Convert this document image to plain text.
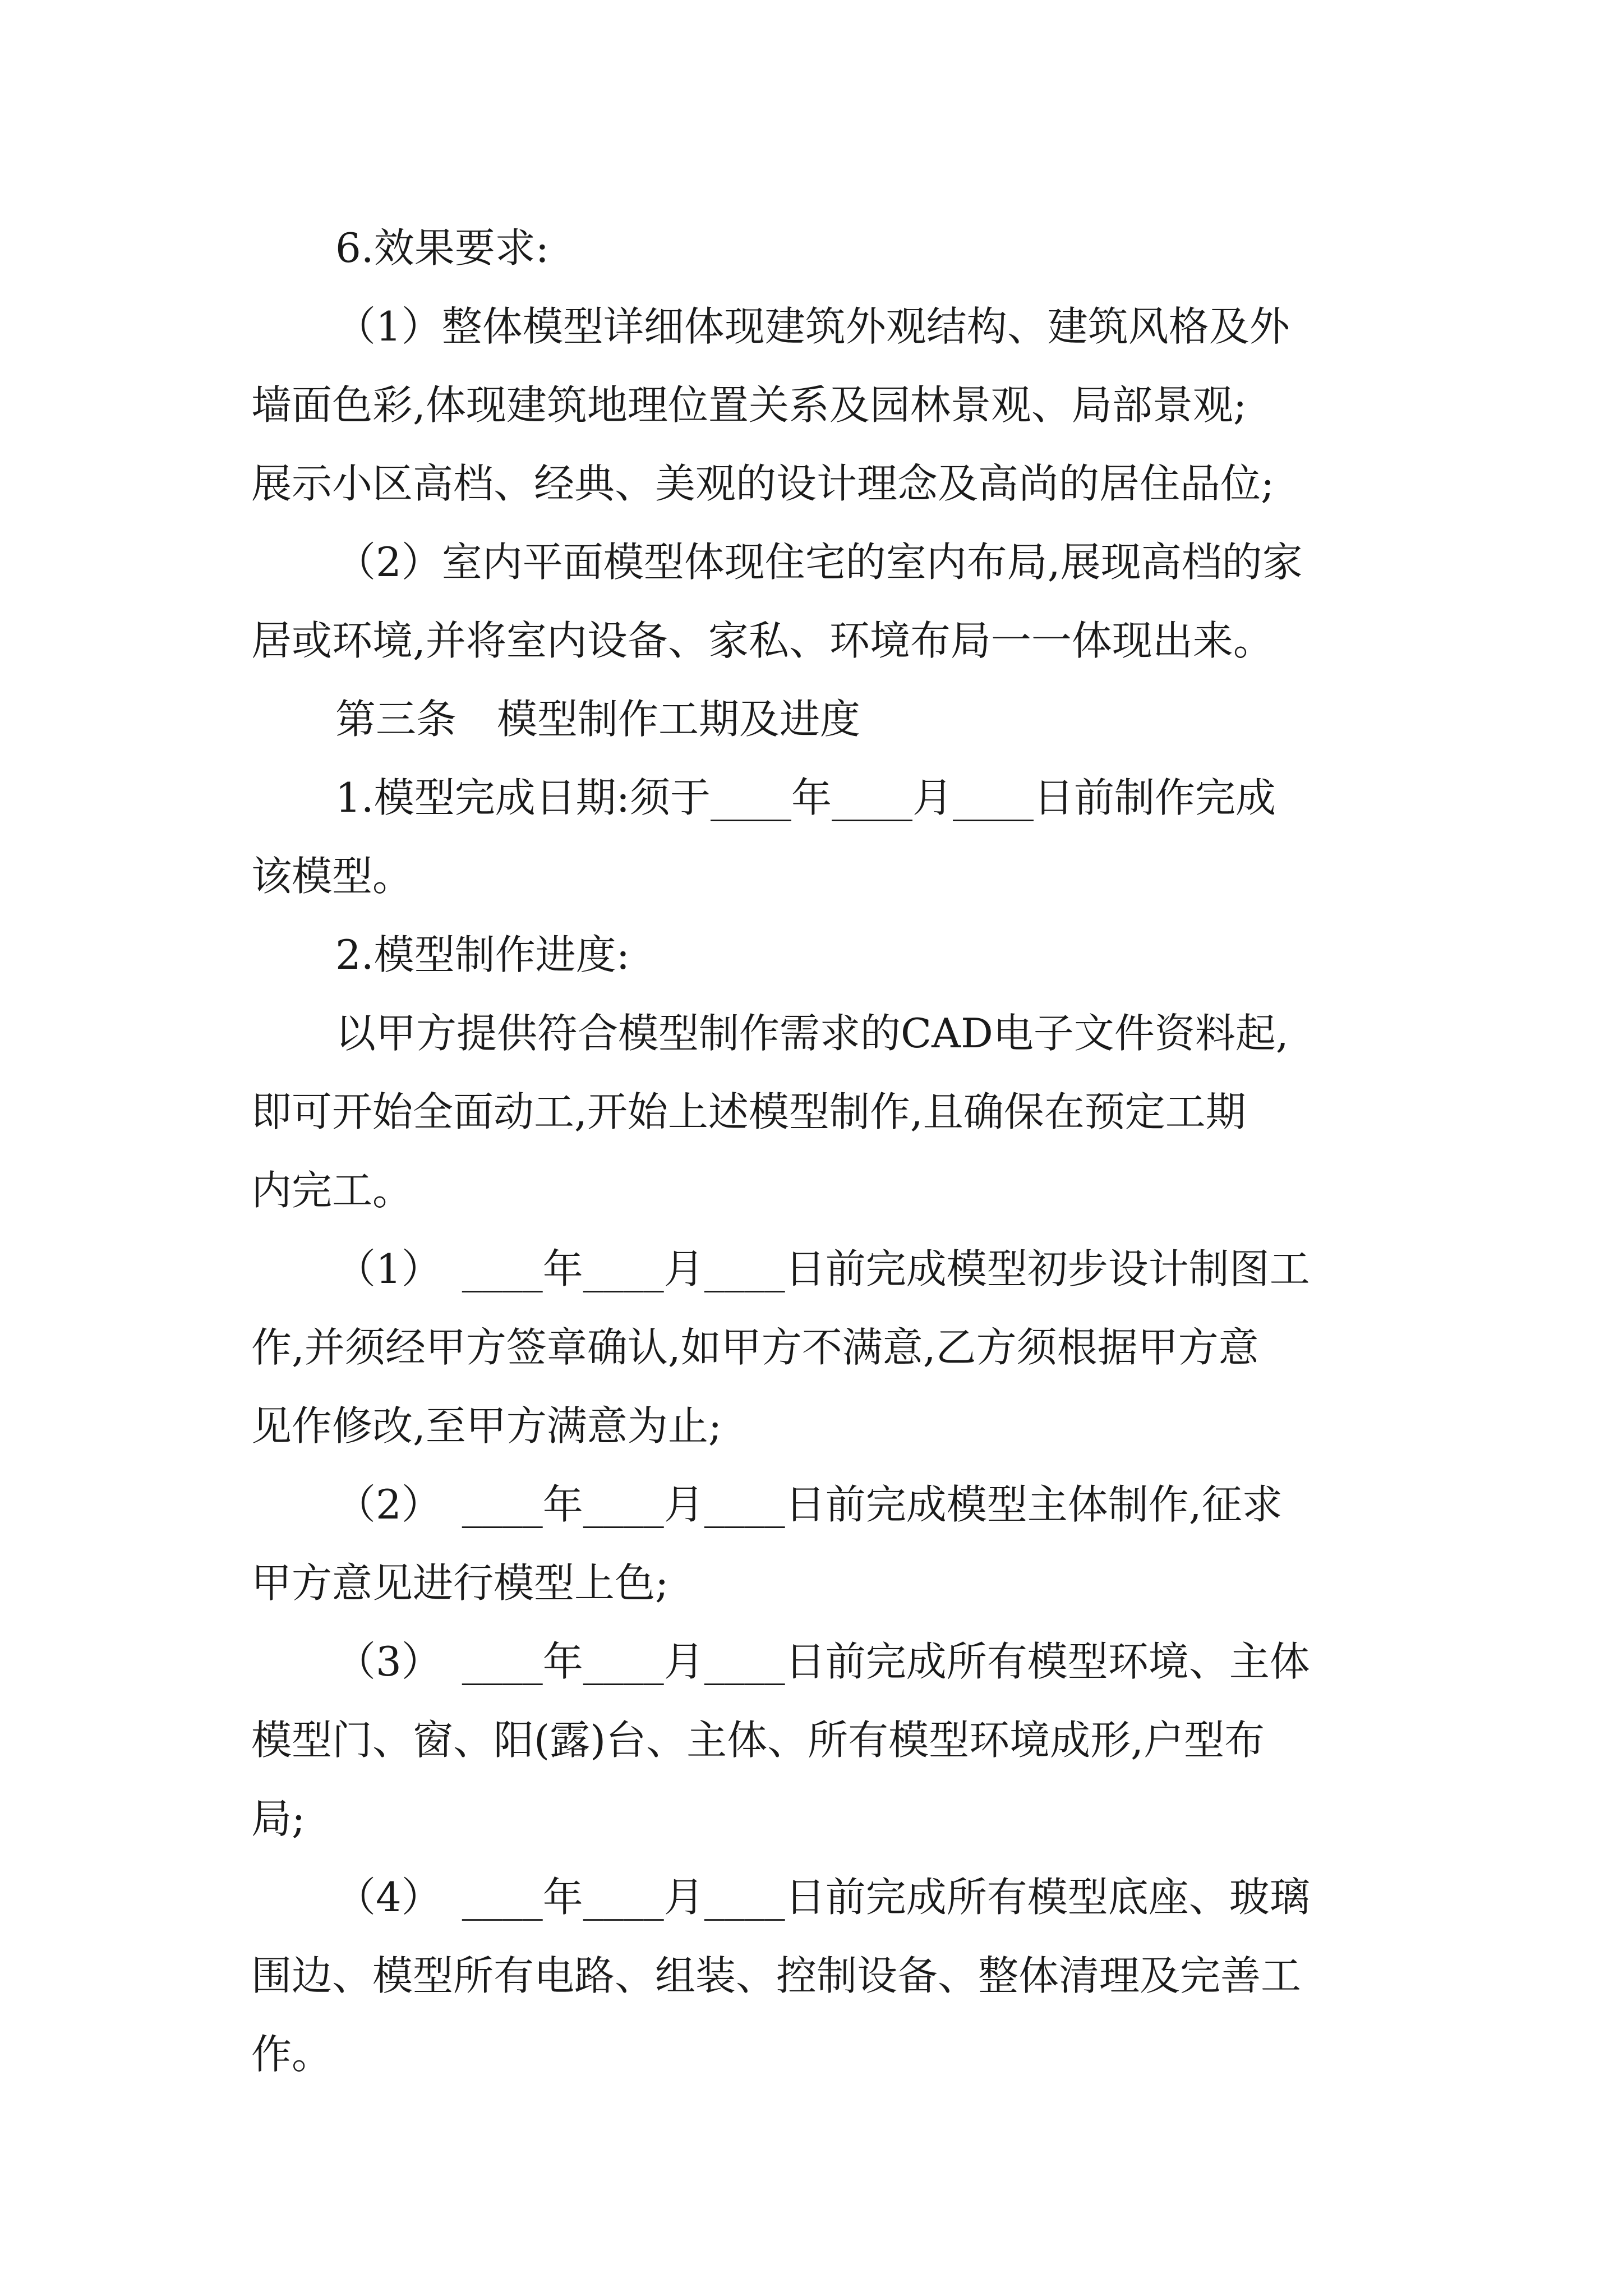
6.效果要求:
（1）整体模型详细体现建筑外观结构、建筑风格及外
墙面色彩,体现建筑地理位置关系及园林景观、局部景观;
展示小区高档、经典、美观的设计理念及高尚的居住品位;
（2）室内平面模型体现住宅的室内布局,展现高档的家
居或环境,并将室内设备、家私、环境布局一一体现出来。
第三条　模型制作工期及进度
1.模型完成日期:须于____年____月____日前制作完成
该模型。
2.模型制作进度:
以甲方提供符合模型制作需求的CAD电子文件资料起,
即可开始全面动工,开始上述模型制作,且确保在预定工期
内完工。
（1）　____年____月____日前完成模型初步设计制图工
作,并须经甲方签章确认,如甲方不满意,乙方须根据甲方意
见作修改,至甲方满意为止;
（2）　____年____月____日前完成模型主体制作,征求
甲方意见进行模型上色;
（3）　____年____月____日前完成所有模型环境、主体
模型门、窗、阳(露)台、主体、所有模型环境成形,户型布
局;
（4）　____年____月____日前完成所有模型底座、玻璃
围边、模型所有电路、组装、控制设备、整体清理及完善工
作。
